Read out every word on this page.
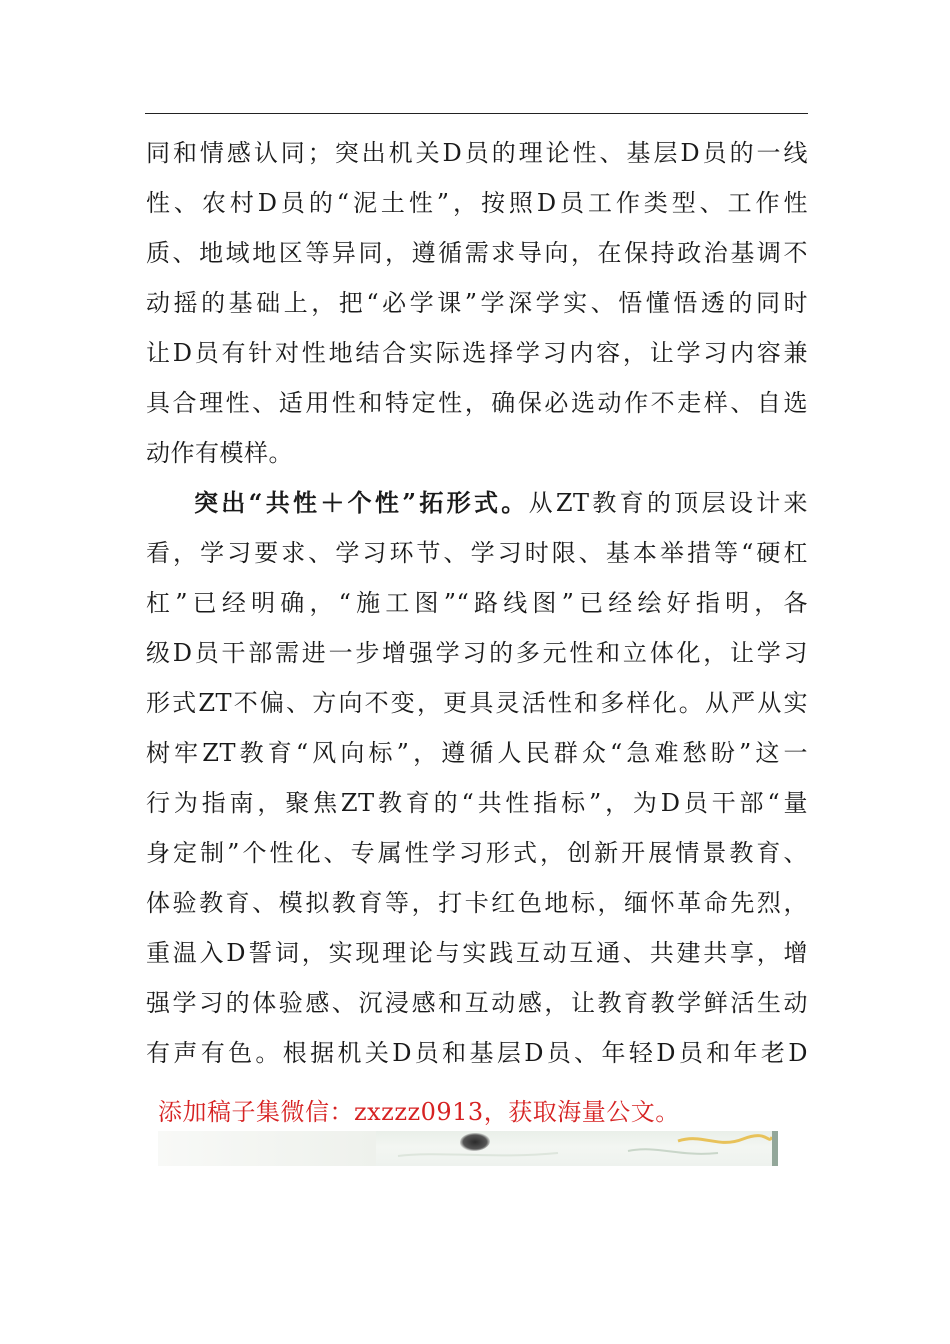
同和情感认同；突出机关D员的理论性、基层D员的一线
性、农村D员的“泥土性”，按照D员工作类型、工作性
质、地域地区等异同，遵循需求导向，在保持政治基调不
动摇的基础上，把“必学课”学深学实、悟懂悟透的同时
让D员有针对性地结合实际选择学习内容，让学习内容兼
具合理性、适用性和特定性，确保必选动作不走样、自选
动作有模样。
突出“共性＋个性”拓形式。从ZT教育的顶层设计来
看，学习要求、学习环节、学习时限、基本举措等“硬杠
杠”已经明确，“施工图”“路线图”已经绘好指明，各
级D员干部需进一步增强学习的多元性和立体化，让学习
形式ZT不偏、方向不变，更具灵活性和多样化。从严从实
树牢ZT教育“风向标”，遵循人民群众“急难愁盼”这一
行为指南，聚焦ZT教育的“共性指标”，为D员干部“量
身定制”个性化、专属性学习形式，创新开展情景教育、
体验教育、模拟教育等，打卡红色地标，缅怀革命先烈，
重温入D誓词，实现理论与实践互动互通、共建共享，增
强学习的体验感、沉浸感和互动感，让教育教学鲜活生动
有声有色。根据机关D员和基层D员、年轻D员和年老D
添加稿子集微信：zxzzz0913，获取海量公文。
